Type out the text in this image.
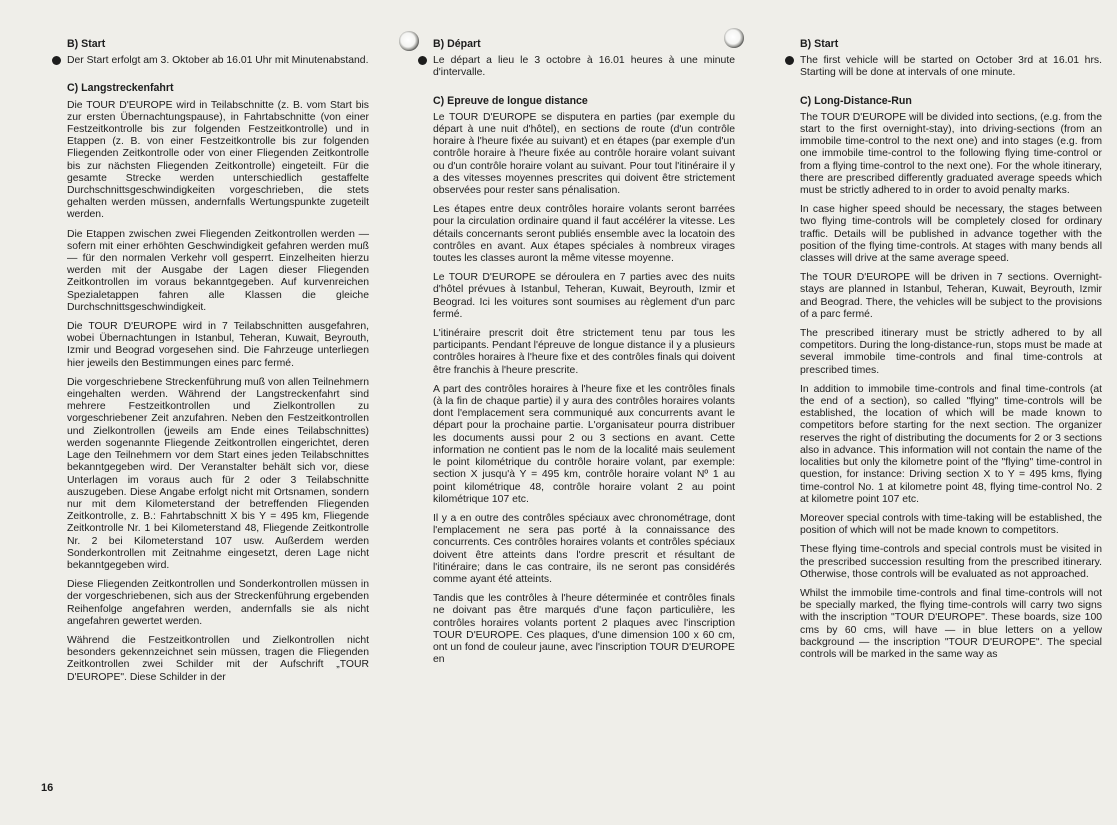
B) Start
Der Start erfolgt am 3. Oktober ab 16.01 Uhr mit Minutenabstand.
C) Langstreckenfahrt

Die TOUR D'EUROPE wird in Teilabschnitte (z. B. vom Start bis zur ersten Übernachtungspause), in Fahrtabschnitte (von einer Festzeitkontrolle bis zur folgenden Festzeitkontrolle) und in Etappen (z. B. von einer Festzeitkontrolle bis zur folgenden Fliegenden Zeitkontrolle oder von einer Fliegenden Zeitkontrolle bis zur nächsten Fliegenden Zeitkontrolle) eingeteilt. Für die gesamte Strecke werden unterschiedlich gestaffelte Durchschnittsgeschwindigkeiten vorgeschrieben, die stets gehalten werden müssen, andernfalls Wertungspunkte zugeteilt werden.

Die Etappen zwischen zwei Fliegenden Zeitkontrollen werden — sofern mit einer erhöhten Geschwindigkeit gefahren werden muß — für den normalen Verkehr voll gesperrt. Einzelheiten hierzu werden mit der Ausgabe der Lagen dieser Fliegenden Zeitkontrollen im voraus bekanntgegeben. Auf kurvenreichen Spezialetappen fahren alle Klassen die gleiche Durchschnittsgeschwindigkeit.

Die TOUR D'EUROPE wird in 7 Teilabschnitten ausgefahren, wobei Übernachtungen in Istanbul, Teheran, Kuwait, Beyrouth, Izmir und Beograd vorgesehen sind. Die Fahrzeuge unterliegen hier jeweils den Bestimmungen eines parc fermé.

Die vorgeschriebene Streckenführung muß von allen Teilnehmern eingehalten werden. Während der Langstreckenfahrt sind mehrere Festzeitkontrollen und Zielkontrollen zu vorgeschriebener Zeit anzufahren. Neben den Festzeitkontrollen und Zielkontrollen (jeweils am Ende eines Teilabschnittes) werden sogenannte Fliegende Zeitkontrollen eingerichtet, deren Lage den Teilnehmern vor dem Start eines jeden Teilabschnittes bekanntgegeben wird. Der Veranstalter behält sich vor, diese Unterlagen im voraus auch für 2 oder 3 Teilabschnitte auszugeben. Diese Angabe erfolgt nicht mit Ortsnamen, sondern nur mit dem Kilometerstand der betreffenden Fliegenden Zeitkontrolle, z. B.: Fahrtabschnitt X bis Y = 495 km, Fliegende Zeitkontrolle Nr. 1 bei Kilometerstand 48, Fliegende Zeitkontrolle Nr. 2 bei Kilometerstand 107 usw. Außerdem werden Sonderkontrollen mit Zeitnahme eingesetzt, deren Lage nicht bekanntgegeben wird.

Diese Fliegenden Zeitkontrollen und Sonderkontrollen müssen in der vorgeschriebenen, sich aus der Streckenführung ergebenden Reihenfolge angefahren werden, andernfalls sie als nicht angefahren gewertet werden.

Während die Festzeitkontrollen und Zielkontrollen nicht besonders gekennzeichnet sein müssen, tragen die Fliegenden Zeitkontrollen zwei Schilder mit der Aufschrift „TOUR D'EUROPE". Diese Schilder in der

B) Départ
Le départ a lieu le 3 octobre à 16.01 heures à une minute d'intervalle.
C) Epreuve de longue distance

Le TOUR D'EUROPE se disputera en parties (par exemple du départ à une nuit d'hôtel), en sections de route (d'un contrôle horaire à l'heure fixée au suivant) et en étapes (par exemple d'un contrôle horaire à l'heure fixée au contrôle horaire volant suivant ou d'un contrôle horaire volant au suivant. Pour tout l'itinéraire il y a des vitesses moyennes prescrites qui doivent être strictement observées pour rester sans pénalisation.

Les étapes entre deux contrôles horaire volants seront barrées pour la circulation ordinaire quand il faut accélérer la vitesse. Les détails concernants seront publiés ensemble avec la locatoin des contrôles en avant. Aux étapes spéciales à nombreux virages toutes les classes auront la même vitesse moyenne.

Le TOUR D'EUROPE se déroulera en 7 parties avec des nuits d'hôtel prévues à Istanbul, Teheran, Kuwait, Beyrouth, Izmir et Beograd. Ici les voitures sont soumises au règlement d'un parc fermé.

L'itinéraire prescrit doit être strictement tenu par tous les participants. Pendant l'épreuve de longue distance il y a plusieurs contrôles horaires à l'heure fixe et des contrôles finals qui doivent être franchis à l'heure prescrite.

A part des contrôles horaires à l'heure fixe et les contrôles finals (à la fin de chaque partie) il y aura des contrôles horaires volants dont l'emplacement sera communiqué aux concurrents avant le départ pour la prochaine partie. L'organisateur pourra distribuer les documents aussi pour 2 ou 3 sections en avant. Cette information ne contient pas le nom de la localité mais seulement le point kilométrique du contrôle horaire volant, par exemple: section X jusqu'à Y = 495 km, contrôle horaire volant Nº 1 au point kilométrique 48, contrôle horaire volant 2 au point kilométrique 107 etc.

Il y a en outre des contrôles spéciaux avec chronométrage, dont l'emplacement ne sera pas porté à la connaissance des concurrents. Ces contrôles horaires volants et contrôles spéciaux doivent être atteints dans l'ordre prescrit et résultant de l'itinéraire; dans le cas contraire, ils ne seront pas considérés comme ayant été atteints.

Tandis que les contrôles à l'heure déterminée et contrôles finals ne doivant pas être marqués d'une façon particulière, les contrôles horaires volants portent 2 plaques avec l'inscription TOUR D'EUROPE. Ces plaques, d'une dimension 100 x 60 cm, ont un fond de couleur jaune, avec l'inscription TOUR D'EUROPE en

B) Start
The first vehicle will be started on October 3rd at 16.01 hrs. Starting will be done at intervals of one minute.
C) Long-Distance-Run

The TOUR D'EUROPE will be divided into sections, (e.g. from the start to the first overnight-stay), into driving-sections (from an immobile time-control to the next one) and into stages (e.g. from one immobile time-control to the following flying time-control or from a flying time-control to the next one). For the whole itinerary, there are prescribed differently graduated average speeds which must be strictly adhered to in order to avoid penalty marks.

In case higher speed should be necessary, the stages between two flying time-controls will be completely closed for ordinary traffic. Details will be published in advance together with the position of the flying time-controls. At stages with many bends all classes will drive at the same average speed.

The TOUR D'EUROPE will be driven in 7 sections. Overnight-stays are planned in Istanbul, Teheran, Kuwait, Beyrouth, Izmir and Beograd. There, the vehicles will be subject to the provisions of a parc fermé.

The prescribed itinerary must be strictly adhered to by all competitors. During the long-distance-run, stops must be made at several immobile time-controls and final time-controls at prescribed times.

In addition to immobile time-controls and final time-controls (at the end of a section), so called "flying" time-controls will be established, the location of which will be made known to competitors before starting for the next section. The organizer reserves the right of distributing the documents for 2 or 3 sections also in advance. This information will not contain the name of the localities but only the kilometre point of the "flying" time-control in question, for instance: Driving section X to Y = 495 kms, flying time-control No. 1 at kilometre point 48, flying time-control No. 2 at kilometre point 107 etc.

Moreover special controls with time-taking will be established, the position of which will not be made known to competitors.

These flying time-controls and special controls must be visited in the prescribed succession resulting from the prescribed itinerary. Otherwise, those controls will be evaluated as not approached.

Whilst the immobile time-controls and final time-controls will not be specially marked, the flying time-controls will carry two signs with the inscription "TOUR D'EUROPE". These boards, size 100 cms by 60 cms, will have — in blue letters on a yellow background — the inscription "TOUR D'EUROPE". The special controls will be marked in the same way as

16
